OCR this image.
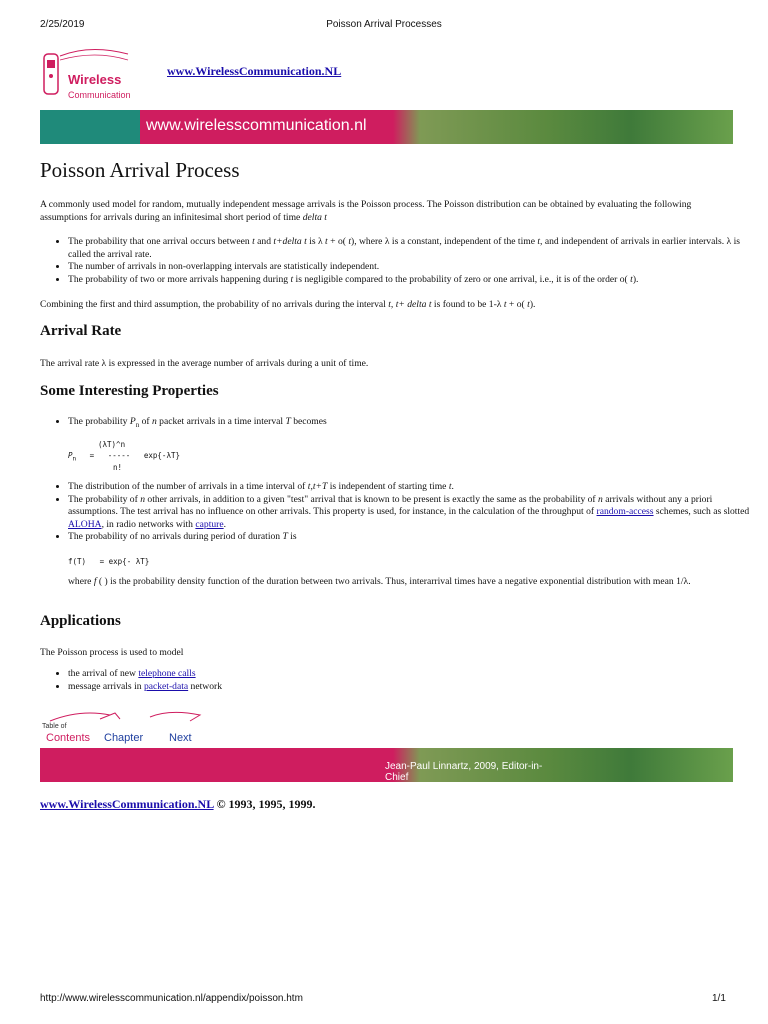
2/25/2019	Poisson Arrival Processes
Wireless
Communication
www.WirelessCommunication.NL
www.wirelesscommunication.nl
Poisson Arrival Process

A commonly used model for random, mutually independent message arrivals is the Poisson process. The Poisson distribution can be obtained by evaluating the following assumptions for arrivals during an infinitesimal short period of time delta t

• The probability that one arrival occurs between t and t+delta t is λ t + o( t), where λ is a constant, independent of the time t, and independent of arrivals in earlier intervals. λ is called the arrival rate.
• The number of arrivals in non-overlapping intervals are statistically independent.
• The probability of two or more arrivals happening during t is negligible compared to the probability of zero or one arrival, i.e., it is of the order o( t).

Combining the first and third assumption, the probability of no arrivals during the interval t, t+ delta t is found to be 1-λ t + o( t).

Arrival Rate

The arrival rate λ is expressed in the average number of arrivals during a unit of time.

Some Interesting Properties
• The probability $P_n$ of n packet arrivals in a time interval T becomes
(λT)^n
$P_n$   =   -----   exp{-λT}
n!
• The distribution of the number of arrivals in a time interval of t,t+T is independent of starting time t.
• The probability of n other arrivals, in addition to a given "test" arrival that is known to be present is exactly the same as the probability of n arrivals without any a priori assumptions. The test arrival has no influence on other arrivals. This property is used, for instance, in the calculation of the throughput of random-access schemes, such as slotted ALOHA, in radio networks with capture.
• The probability of no arrivals during period of duration T is
f(T)   = exp{- λT}

where f ( ) is the probability density function of the duration between two arrivals. Thus, interarrival times have a negative exponential distribution with mean 1/λ.

Applications

The Poisson process is used to model

• the arrival of new telephone calls
• message arrivals in packet-data network
Table of
Contents Chapter Next
Jean-Paul Linnartz, 2009, Editor-in-Chief
www.WirelessCommunication.NL © 1993, 1995, 1999.
http://www.wirelesscommunication.nl/appendix/poisson.htm	1/1
